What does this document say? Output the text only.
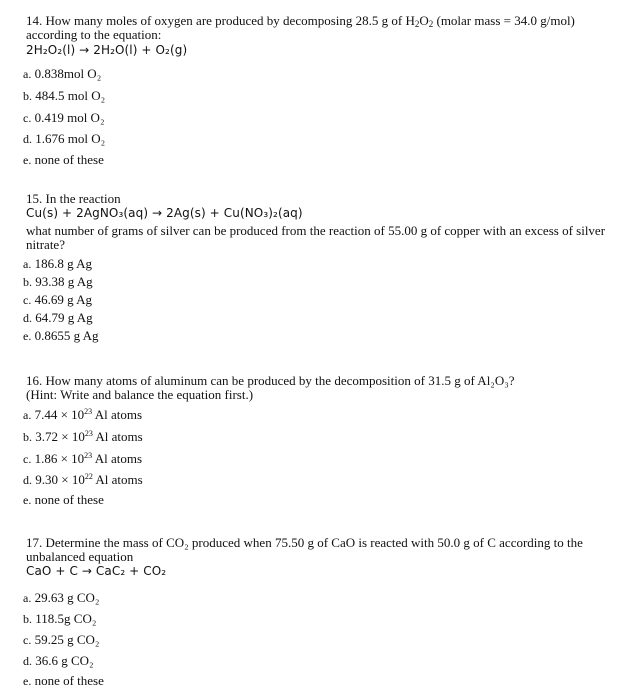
14. How many moles of oxygen are produced by decomposing 28.5 g of $H_2O_2$ (molar mass = 34.0 g/mol)
according to the equation:

2H₂O₂(l) → 2H₂O(l) + O₂(g)

a. 0.838mol O₂
b. 484.5 mol O₂
c. 0.419 mol O₂
d. 1.676 mol O₂
e. none of these

15. In the reaction

Cu(s) + 2AgNO₃(aq) → 2Ag(s) + Cu(NO₃)₂(aq)

what number of grams of silver can be produced from the reaction of 55.00 g of copper with an excess of silver
nitrate?

a. 186.8 g Ag
b. 93.38 g Ag
c. 46.69 g Ag
d. 64.79 g Ag
e. 0.8655 g Ag

16. How many atoms of aluminum can be produced by the decomposition of 31.5 g of Al₂O₃?
(Hint: Write and balance the equation first.)

a. $7.44 \times 10^{23}$ Al atoms
b. $3.72 \times 10^{23}$ Al atoms
c. $1.86 \times 10^{23}$ Al atoms
d. $9.30 \times 10^{22}$ Al atoms
e. none of these

17. Determine the mass of CO₂ produced when 75.50 g of CaO is reacted with 50.0 g of C according to the
unbalanced equation

CaO + C → CaC₂ + CO₂

a. 29.63 g CO₂
b. 118.5g CO₂
c. 59.25 g CO₂
d. 36.6 g CO₂
e. none of these
